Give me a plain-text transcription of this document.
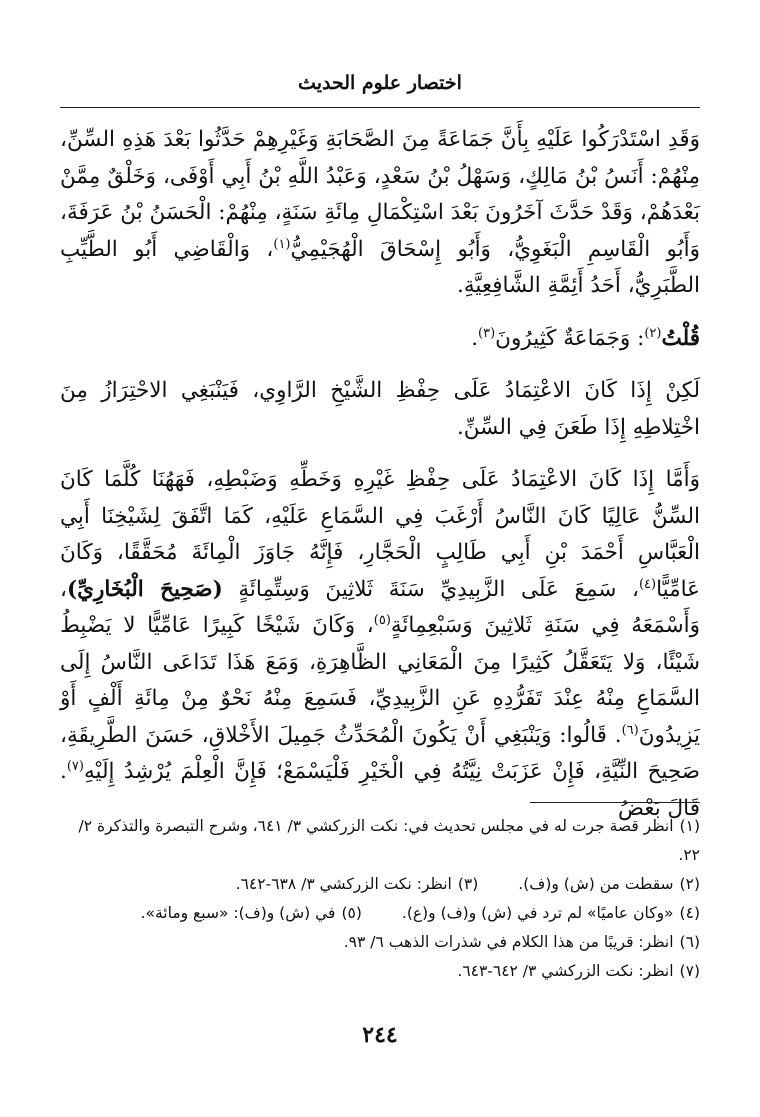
اختصار علوم الحديث

وَقَدِ اسْتَدْرَكُوا عَلَيْهِ بِأَنَّ جَمَاعَةً مِنَ الصَّحَابَةِ وَغَيْرِهِمْ حَدَّثُوا بَعْدَ هَذِهِ السِّنِّ، مِنْهُمْ: أَنَسُ بْنُ مَالِكٍ، وَسَهْلُ بْنُ سَعْدٍ، وَعَبْدُ اللَّهِ بْنُ أَبِي أَوْفَى، وَخَلْقٌ مِمَّنْ بَعْدَهُمْ، وَقَدْ حَدَّثَ آخَرُونَ بَعْدَ اسْتِكْمَالِ مِائَةِ سَنَةٍ، مِنْهُمْ: الْحَسَنُ بْنُ عَرَفَةَ، وَأَبُو الْقَاسِمِ الْبَغَوِيُّ، وَأَبُو إِسْحَاقَ الْهُجَيْمِيُّ$^{(١)}$، وَالْقَاضِي أَبُو الطَّيِّبِ الطَّبَرِيُّ، أَحَدُ أَئِمَّةِ الشَّافِعِيَّةِ.

قُلْتُ$^{(٢)}$: وَجَمَاعَةٌ كَثِيرُونَ$^{(٣)}$.

لَكِنْ إِذَا كَانَ الاعْتِمَادُ عَلَى حِفْظِ الشَّيْخِ الرَّاوِي، فَيَنْبَغِي الاحْتِرَازُ مِنَ اخْتِلاطِهِ إِذَا طَعَنَ فِي السِّنِّ.

وَأَمَّا إِذَا كَانَ الاعْتِمَادُ عَلَى حِفْظِ غَيْرِهِ وَخَطِّهِ وَضَبْطِهِ، فَهَهُنَا كُلَّمَا كَانَ السِّنُّ عَالِيًا كَانَ النَّاسُ أَرْغَبَ فِي السَّمَاعِ عَلَيْهِ، كَمَا اتَّفَقَ لِشَيْخِنَا أَبِي الْعَبَّاسِ أَحْمَدَ بْنِ أَبِي طَالِبٍ الْحَجَّارِ، فَإِنَّهُ جَاوَزَ الْمِائَةَ مُحَقَّقًا، وَكَانَ عَامِّيًّا$^{(٤)}$، سَمِعَ عَلَى الزَّبِيدِيِّ سَنَةَ ثَلاثِينَ وَسِتِّمِائَةٍ (صَحِيحَ الْبُخَارِيِّ)، وَأَسْمَعَهُ فِي سَنَةِ ثَلاثِينَ وَسَبْعِمِائَةٍ$^{(٥)}$، وَكَانَ شَيْخًا كَبِيرًا عَامِّيًّا لا يَضْبِطُ شَيْئًا، وَلا يَتَعَقَّلُ كَثِيرًا مِنَ الْمَعَانِي الظَّاهِرَةِ، وَمَعَ هَذَا تَدَاعَى النَّاسُ إِلَى السَّمَاعِ مِنْهُ عِنْدَ تَفَرُّدِهِ عَنِ الزَّبِيدِيِّ، فَسَمِعَ مِنْهُ نَحْوٌ مِنْ مِائَةِ أَلْفٍ أَوْ يَزِيدُونَ$^{(٦)}$. قَالُوا: وَيَنْبَغِي أَنْ يَكُونَ الْمُحَدِّثُ جَمِيلَ الأَخْلاقِ، حَسَنَ الطَّرِيقَةِ، صَحِيحَ النِّيَّةِ، فَإِنْ عَزَبَتْ نِيَّتُهُ فِي الْخَيْرِ فَلْيَسْمَعْ؛ فَإِنَّ الْعِلْمَ يُرْشِدُ إِلَيْهِ$^{(٧)}$. قَالَ بَعْضُ

(١)انظر قصة جرت له في مجلس تحديث في: نكت الزركشي ٣/ ٦٤١، وشرح التبصرة والتذكرة ٢/ ٢٢.

(٢)سقطت من (ش) و(ف).

(٣)انظر: نكت الزركشي ٣/ ٦٣٨-٦٤٢.

(٤)«وكان عاميًا» لم ترد في (ش) و(ف) و(ع).

(٥)في (ش) و(ف): «سبع ومائة».

(٦)انظر: قريبًا من هذا الكلام في شذرات الذهب ٦/ ٩٣.

(٧)انظر: نكت الزركشي ٣/ ٦٤٢-٦٤٣.

٢٤٤
